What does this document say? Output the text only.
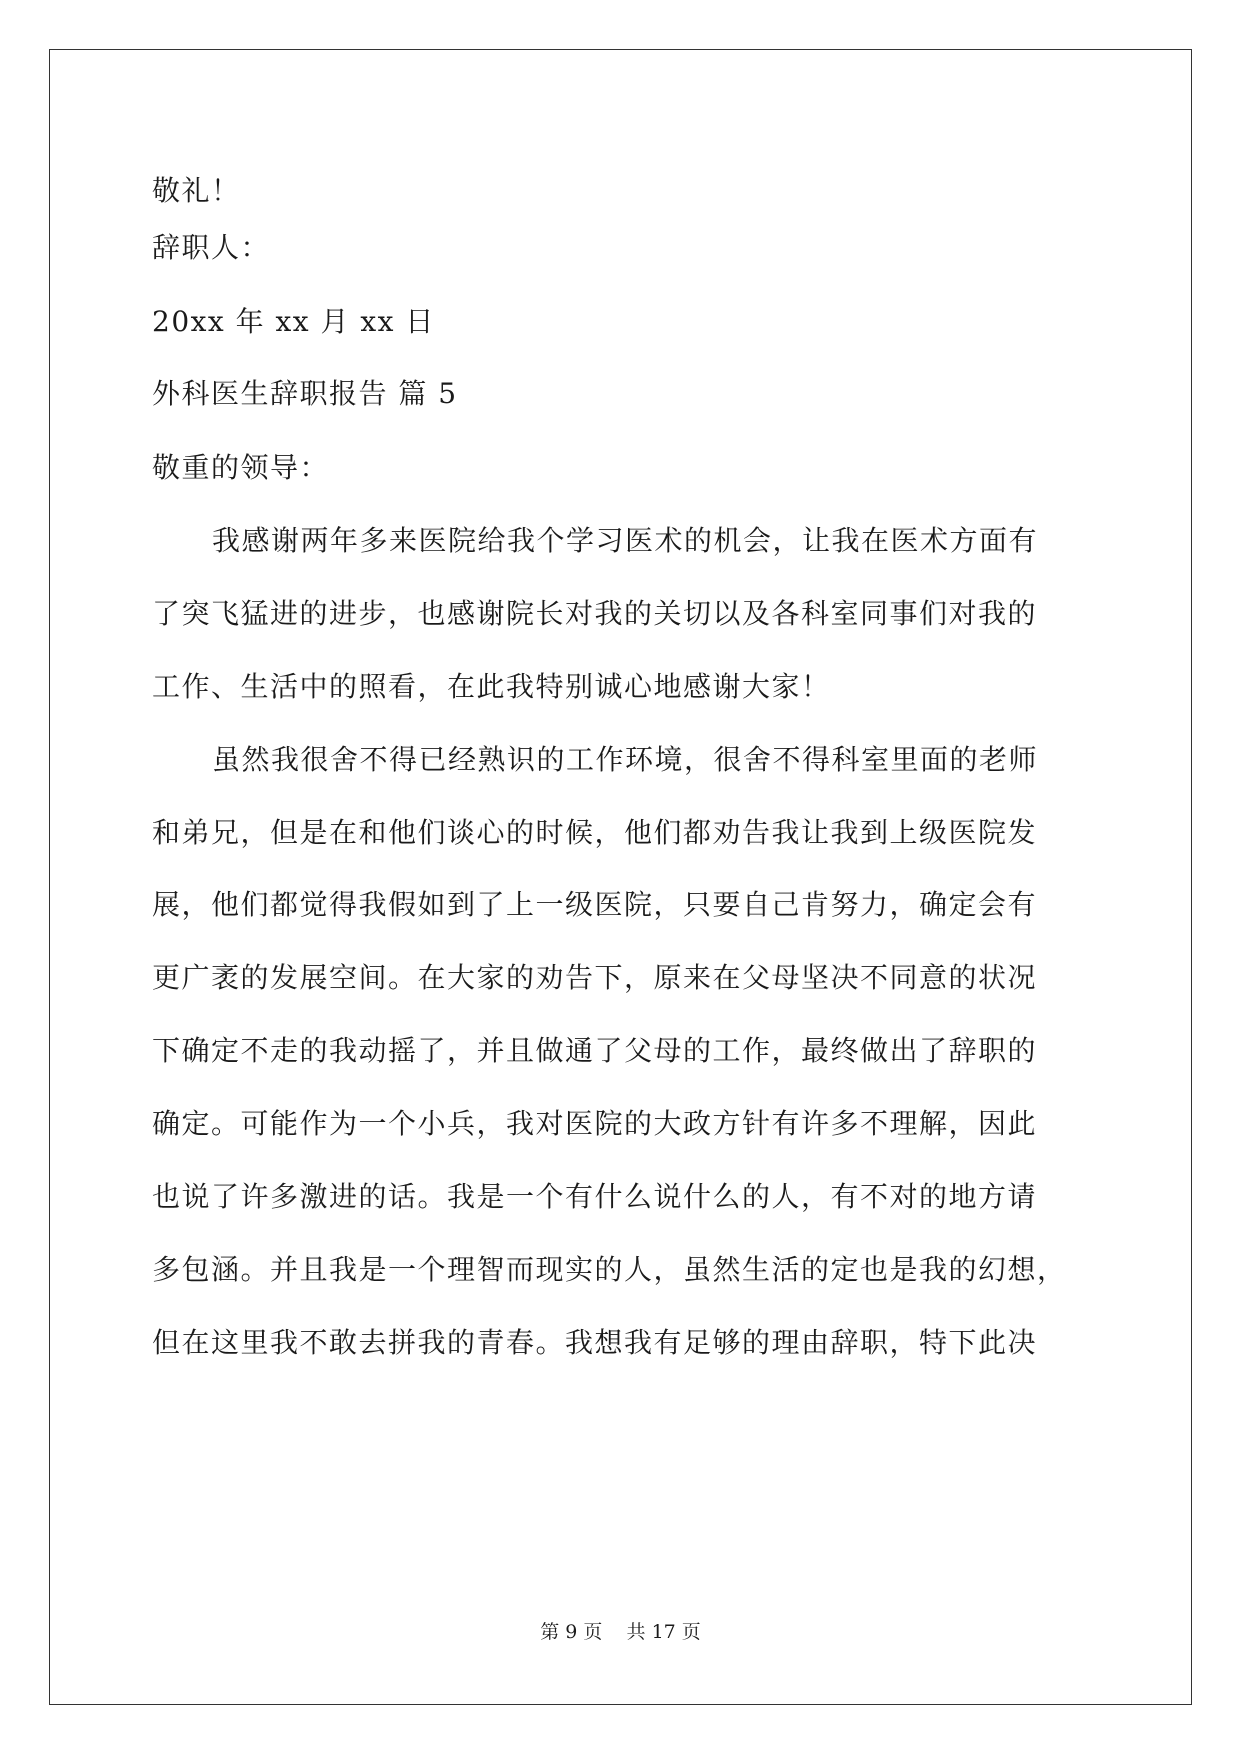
敬礼！
辞职人：
20xx 年 xx 月 xx 日
外科医生辞职报告 篇 5
敬重的领导：
我感谢两年多来医院给我个学习医术的机会，让我在医术方面有
了突飞猛进的进步，也感谢院长对我的关切以及各科室同事们对我的
工作、生活中的照看，在此我特别诚心地感谢大家！
虽然我很舍不得已经熟识的工作环境，很舍不得科室里面的老师
和弟兄，但是在和他们谈心的时候，他们都劝告我让我到上级医院发
展，他们都觉得我假如到了上一级医院，只要自己肯努力，确定会有
更广袤的发展空间。在大家的劝告下，原来在父母坚决不同意的状况
下确定不走的我动摇了，并且做通了父母的工作，最终做出了辞职的
确定。可能作为一个小兵，我对医院的大政方针有许多不理解，因此
也说了许多激进的话。我是一个有什么说什么的人，有不对的地方请
多包涵。并且我是一个理智而现实的人，虽然生活的定也是我的幻想，
但在这里我不敢去拼我的青春。我想我有足够的理由辞职，特下此决
第 9 页    共 17 页
